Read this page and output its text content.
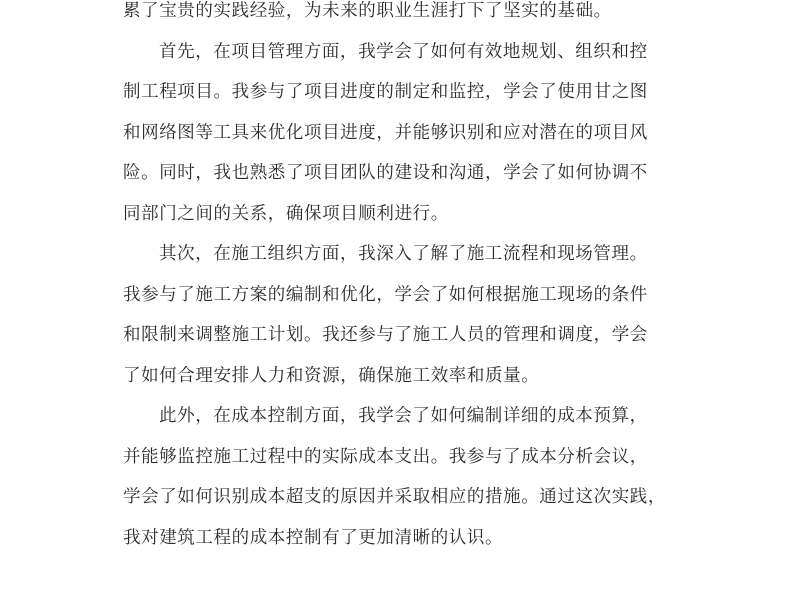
累了宝贵的实践经验，为未来的职业生涯打下了坚实的基础。
首先，在项目管理方面，我学会了如何有效地规划、组织和控
制工程项目。我参与了项目进度的制定和监控，学会了使用甘之图
和网络图等工具来优化项目进度，并能够识别和应对潜在的项目风
险。同时，我也熟悉了项目团队的建设和沟通，学会了如何协调不
同部门之间的关系，确保项目顺利进行。
其次，在施工组织方面，我深入了解了施工流程和现场管理。
我参与了施工方案的编制和优化，学会了如何根据施工现场的条件
和限制来调整施工计划。我还参与了施工人员的管理和调度，学会
了如何合理安排人力和资源，确保施工效率和质量。
此外，在成本控制方面，我学会了如何编制详细的成本预算，
并能够监控施工过程中的实际成本支出。我参与了成本分析会议，
学会了如何识别成本超支的原因并采取相应的措施。通过这次实践，
我对建筑工程的成本控制有了更加清晰的认识。
